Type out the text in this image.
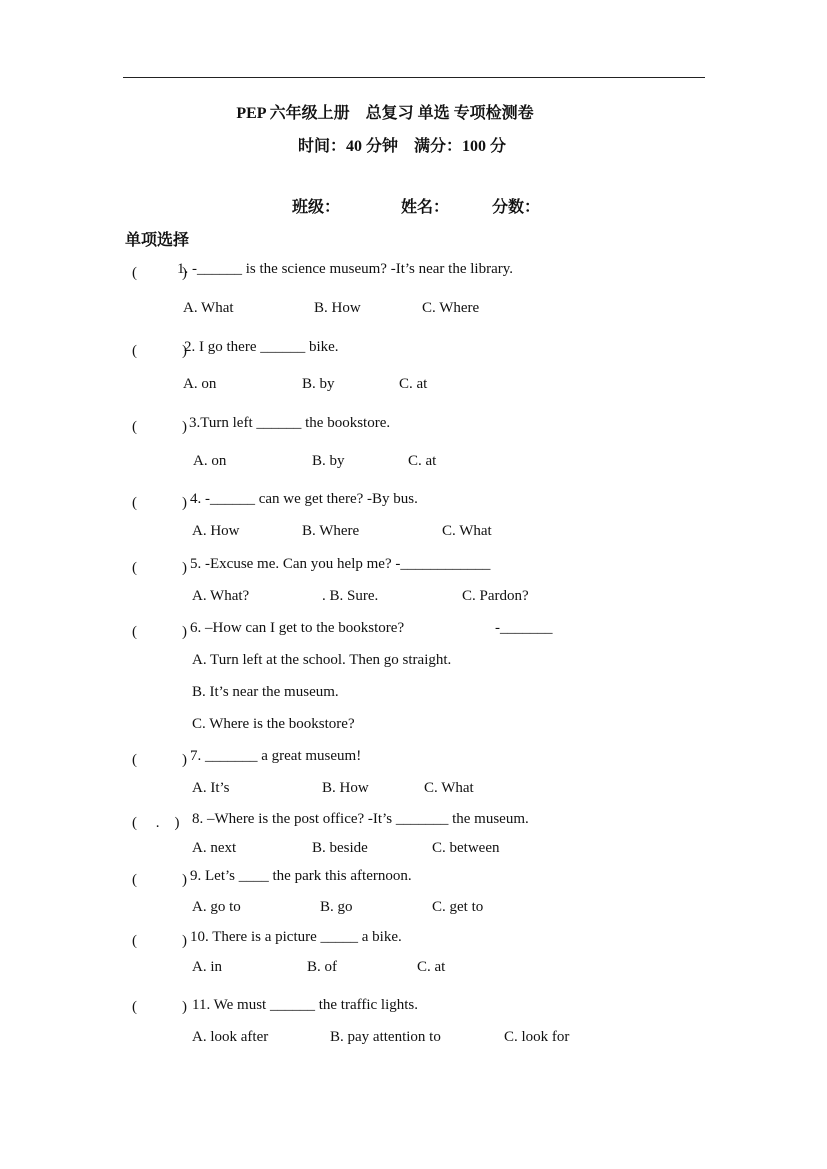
PEP 六年级上册　总复习 单选 专项检测卷
时间：40 分钟　满分：100 分
班级：	姓名：	分数：
单项选择
(　　　)
1. -______ is the science museum? -It’s near the library.
A. What	B. How	C. Where
(　　　)
2. I go there ______ bike.
A. on	B. by	C. at
(　　　) 3.Turn left ______ the bookstore.
A. on	B. by	C. at
(　　　) 4. -______ can we get there? -By bus.
A. How	B. Where	C. What
(　　　) 5. -Excuse me. Can you help me? -____________
A. What?	. B. Sure.	C. Pardon?
(　　　) 6. –How can I get to the bookstore?	-_______
A. Turn left at the school. Then go straight.
B. It’s near the museum.
C. Where is the bookstore?
(　　　) 7. _______ a great museum!
A. It’s	B. How	C. What
(　 .　) 8. –Where is the post office? -It’s _______ the museum.
A. next	B. beside	C. between
(　　　) 9. Let’s ____ the park this afternoon.
A. go to	B. go	C. get to
(　　　) 10. There is a picture _____ a bike.
A. in	B. of	C. at
(　　　) 11. We must ______ the traffic lights.
A. look after	B. pay attention to	C. look for
